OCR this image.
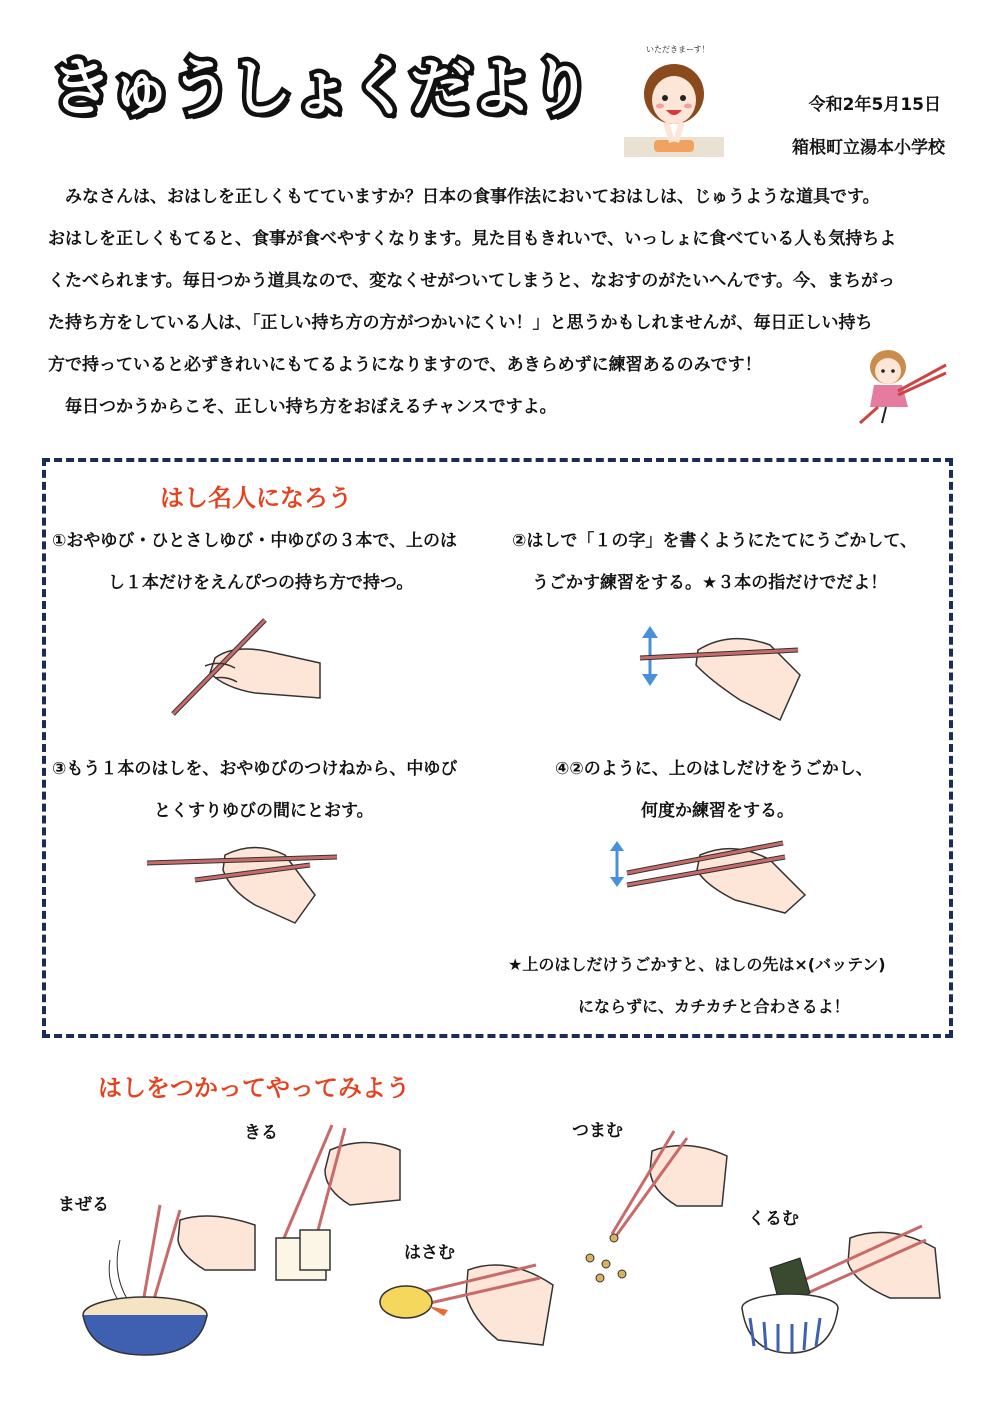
きゅうしょくだより
いただきまーす！
令和2年5月15日
箱根町立湯本小学校

　みなさんは、おはしを正しくもてていますか？日本の食事作法においておはしは、じゅうような道具です。

おはしを正しくもてると、食事が食べやすくなります。見た目もきれいで、いっしょに食べている人も気持ちよ

くたべられます。毎日つかう道具なので、変なくせがついてしまうと、なおすのがたいへんです。今、まちがっ

た持ち方をしている人は、「正しい持ち方の方がつかいにくい！」と思うかもしれませんが、毎日正しい持ち

方で持っていると必ずきれいにもてるようになりますので、あきらめずに練習あるのみです！

　毎日つかうからこそ、正しい持ち方をおぼえるチャンスですよ。

はし名人になろう
①おやゆび・ひとさしゆび・中ゆびの３本で、上のは
し１本だけをえんぴつの持ち方で持つ。
②はしで「１の字」を書くようにたてにうごかして、
うごかす練習をする。★３本の指だけでだよ！
③もう１本のはしを、おやゆびのつけねから、中ゆび
とくすりゆびの間にとおす。
④②のように、上のはしだけをうごかし、
何度か練習をする。
★上のはしだけうごかすと、はしの先は×(バッテン)
にならずに、カチカチと合わさるよ！
はしをつかってやってみよう
きる	つまむ
まぜる
はさむ
くるむ
